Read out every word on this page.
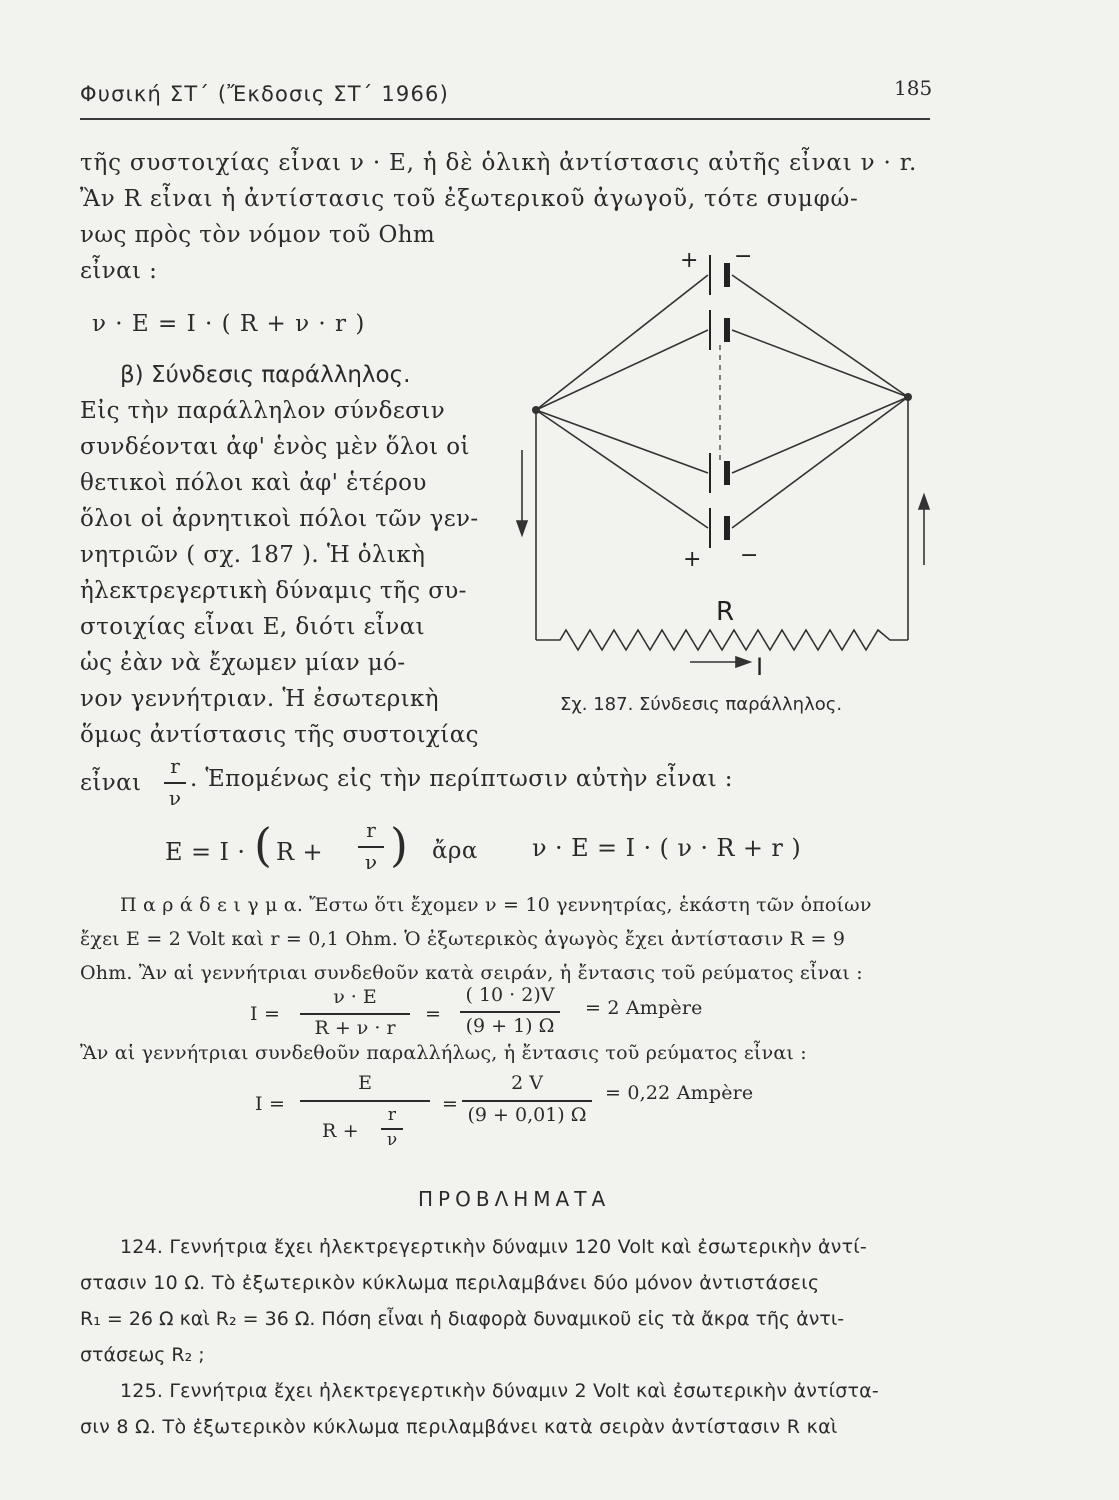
Φυσική ΣΤ΄ (Ἔκδοσις ΣΤ΄ 1966)	185
τῆς συστοιχίας εἶναι ν · Ε, ἡ δὲ ὁλικὴ ἀντίστασις αὐτῆς εἶναι ν · r.
Ἂν R εἶναι ἡ ἀντίστασις τοῦ ἐξωτερικοῦ ἀγωγοῦ, τότε συμφώ-
νως πρὸς τὸν νόμον τοῦ Ohm
εἶναι :
ν · Ε = Ι · ( R + ν · r )
β) Σύνδεσις παράλληλος.
Εἰς τὴν παράλληλον σύνδεσιν
συνδέονται ἀφ' ἑνὸς μὲν ὅλοι οἱ
θετικοὶ πόλοι καὶ ἀφ' ἑτέρου
ὅλοι οἱ ἀρνητικοὶ πόλοι τῶν γεν-
νητριῶν ( σχ. 187 ). Ἡ ὁλικὴ
ἠλεκτρεγερτικὴ δύναμις τῆς συ-
στοιχίας εἶναι Ε, διότι εἶναι
ὡς ἐὰν νὰ ἔχωμεν μίαν μό-
νον γεννήτριαν. Ἡ ἐσωτερικὴ
ὅμως ἀντίστασις τῆς συστοιχίας
+ −
+ −
R
I
Σχ. 187. Σύνδεσις παράλληλος.
εἶναι
r
ν
. Ἑπομένως εἰς τὴν περίπτωσιν αὐτὴν εἶναι :
Ε = Ι · ( R +
r
ν ) ἄρα ν · Ε = Ι · ( ν · R + r )
Π α ρ ά δ ε ι γ μ α. Ἔστω ὅτι ἔχομεν ν = 10 γεννητρίας, ἑκάστη τῶν ὁποίων
ἔχει Ε = 2 Volt καὶ r = 0,1 Ohm. Ὁ ἐξωτερικὸς ἀγωγὸς ἔχει ἀντίστασιν R = 9
Ohm. Ἂν αἱ γεννήτριαι συνδεθοῦν κατὰ σειράν, ἡ ἔντασις τοῦ ρεύματος εἶναι :
I =
ν · E
R + ν · r
=
( 10 · 2)V
(9 + 1) Ω
= 2 Ampère
Ἂν αἱ γεννήτριαι συνδεθοῦν παραλλήλως, ἡ ἔντασις τοῦ ρεύματος εἶναι :
I =
E
R +
r
ν
=
2 V
(9 + 0,01) Ω
= 0,22 Ampère
ΠΡΟΒΛΗΜΑΤΑ
124. Γεννήτρια ἔχει ἠλεκτρεγερτικὴν δύναμιν 120 Volt καὶ ἐσωτερικὴν ἀντί-
στασιν 10 Ω. Τὸ ἐξωτερικὸν κύκλωμα περιλαμβάνει δύο μόνον ἀντιστάσεις
R₁ = 26 Ω καὶ R₂ = 36 Ω. Πόση εἶναι ἡ διαφορὰ δυναμικοῦ εἰς τὰ ἄκρα τῆς ἀντι-
στάσεως R₂ ;
125. Γεννήτρια ἔχει ἠλεκτρεγερτικὴν δύναμιν 2 Volt καὶ ἐσωτερικὴν ἀντίστα-
σιν 8 Ω. Τὸ ἐξωτερικὸν κύκλωμα περιλαμβάνει κατὰ σειρὰν ἀντίστασιν R καὶ
